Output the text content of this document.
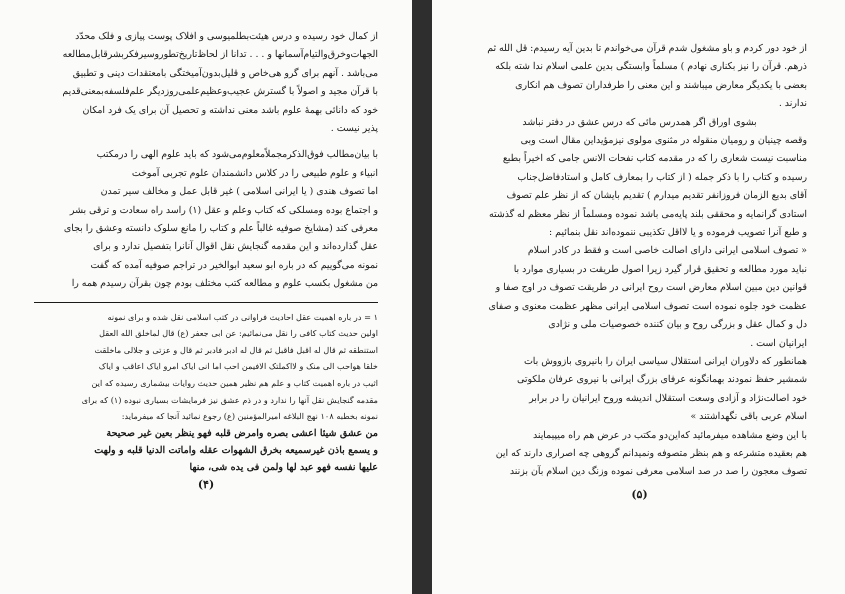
از کمال خود رسیده و درس هیئت‌بطلمیوسی و افلاک پوست پیازی و فلک محدّد
الجهات‌وخرق‌والتیام‌آسمانها و . . . تدانا از لحاظ‌تاریخ‌تطور‌وسیر‌فکر‌بشر‌قابل‌مطالعه
می‌باشد . آنهم برای گرو هی‌خاص و قلیل‌بدون‌آمیختگی بامعتقدات دینی و تطبیق
با قرآن مجید و اصولاً با گسترش عجیب‌وعظیم‌علمی‌روزدیگر علم‌فلسفه‌بمعنی‌قدیم
خود که دانائی بهمهٔ علوم باشد معنی نداشته و تحصیل آن برای یک فرد امکان
پذیر نیست .
با بیان‌مطالب فوق‌الذکر‌مجملاً‌معلوم‌می‌شود که باید علوم الهی را درمکتب
انبیاء و علوم طبیعی را در کلاس دانشمندان علوم تجربی آموخت
اما تصوف هندی ( یا ایرانی اسلامی ) غیر قابل عمل و مخالف سیر تمدن
و اجتماع بوده ومسلکی که کتاب وعلم و عقل (۱) راسد راه سعادت و ترقی بشر
معرفی کند (مشایخ صوفیه غالباً علم و کتاب را مانع سلوک دانسته وعشق را بجای
عقل گذارده‌اند و این مقدمه گنجایش نقل اقوال آنانرا بتفصیل ندارد و برای
نمونه می‌گوییم که در باره ابو سعید ابوالخیر در تراجم صوفیه آمده که گفت
من مشغول بکسب علوم و مطالعه کتب مختلف بودم چون بقرآن رسیدم همه را
۱ = در باره اهمیت عقل احادیث فراوانی در کتب اسلامی نقل شده و برای نمونه
اولین حدیث کتاب کافی را نقل می‌نمائیم: عن ابی جعفر (ع) قال لماخلق الله العقل
استنطقه ثم قال له اقبل فاقبل ثم قال له ادبر فادبر ثم قال و عزتی و جلالی ماخلقت
خلقا هواحب الی منک و لااکملتک الافیمن احب اما انی ایاک امرو ایاک اعاقب و ایاک
اثیب در باره اهمیت کتاب و علم هم نظیر همین حدیث روایات بیشماری رسیده که این
مقدمه گنجایش نقل آنها را ندارد و در ذم عشق نیز فرمایشات بسیاری نبوده (۱) که برای
نمونه بخطبه ۱۰۸ نهج البلاغه امیرالمؤمنین (ع) رجوع نمائید آنجا که میفرماید:
من عشق شیئا اعشی بصره وامرض قلبه فهو ینظر بعین غیر صحیحة
و یسمع باذن غیرسمیعه بخرق الشهوات عقله واماتت الدنیا قلبه و ولهت
علیها نفسه فهو عبد لها ولمن فی یده شی، منها
(۴)
از خود دور کردم و باو مشغول شدم قرآن می‌خواندم تا بدین آیه رسیدم: قل الله ثم
ذرهم. قرآن را نیز بکناری نهادم ) مسلماً وابستگی بدین علمی اسلام ندا شته بلکه
بعضی با یکدیگر معارض میباشند و این معنی را طرفداران تصوف هم انکاری
ندارند .
بشوی اوراق اگر همدرس مائی که درس عشق در دفتر نباشد
وقصه چینیان و رومیان منقوله در مثنوی مولوی نیزمؤیداین مقال است وبی
مناسبت نیست شعاری را که در مقدمه کتاب نفحات الانس جامی که اخیراً بطبع
رسیده و کتاب را با ذکر جمله ( از کتاب را بمعارف کامل و استادفاضل‌جناب
آقای بدیع الزمان فروزانفر تقدیم میدارم ) تقدیم بایشان که از نظر علم تصوف
استادی گرانمایه و محققی بلند پایه‌می باشد نموده ومسلماً از نظر معظم له گذشته
و طبع آنرا تصویب فرموده و یا لااقل تکذیبی ننموده‌اند نقل بنمائیم :
« تصوف اسلامی ایرانی دارای اصالت خاصی است و فقط در کادر اسلام
نباید مورد مطالعه و تحقیق قرار گیرد زیرا اصول طریقت در بسیاری موارد با
قوانین دین مبین اسلام معارض است روح ایرانی در طریقت تصوف در اوج صفا و
عظمت خود جلوه نموده است تصوف اسلامی ایرانی مظهر عظمت معنوی و صفای
دل و کمال عقل و بزرگی روح و بیان کننده خصوصیات ملی و نژادی
ایرانیان است .
همانطور که دلاوران ایرانی استقلال سیاسی ایران را بانیروی بازووش بات
شمشیر حفظ نمودند بهمانگونه عرفای بزرگ ایرانی با نیروی عرفان ملکوتی
خود اصالت‌نژاد و آزادی وسعت استقلال اندیشه وروح ایرانیان را در برابر
اسلام عربی باقی نگهداشتند »
با این وضع مشاهده میفرمائید که‌این‌دو مکتب در عرض هم راه میپیمایند
هم بعقیده متشرعه و هم بنظر متصوفه ونمیدانم گروهی چه اصراری دارند که این
تصوف معجون را صد در صد اسلامی معرفی نموده وزنگ دین اسلام بآن بزنند
(۵)
